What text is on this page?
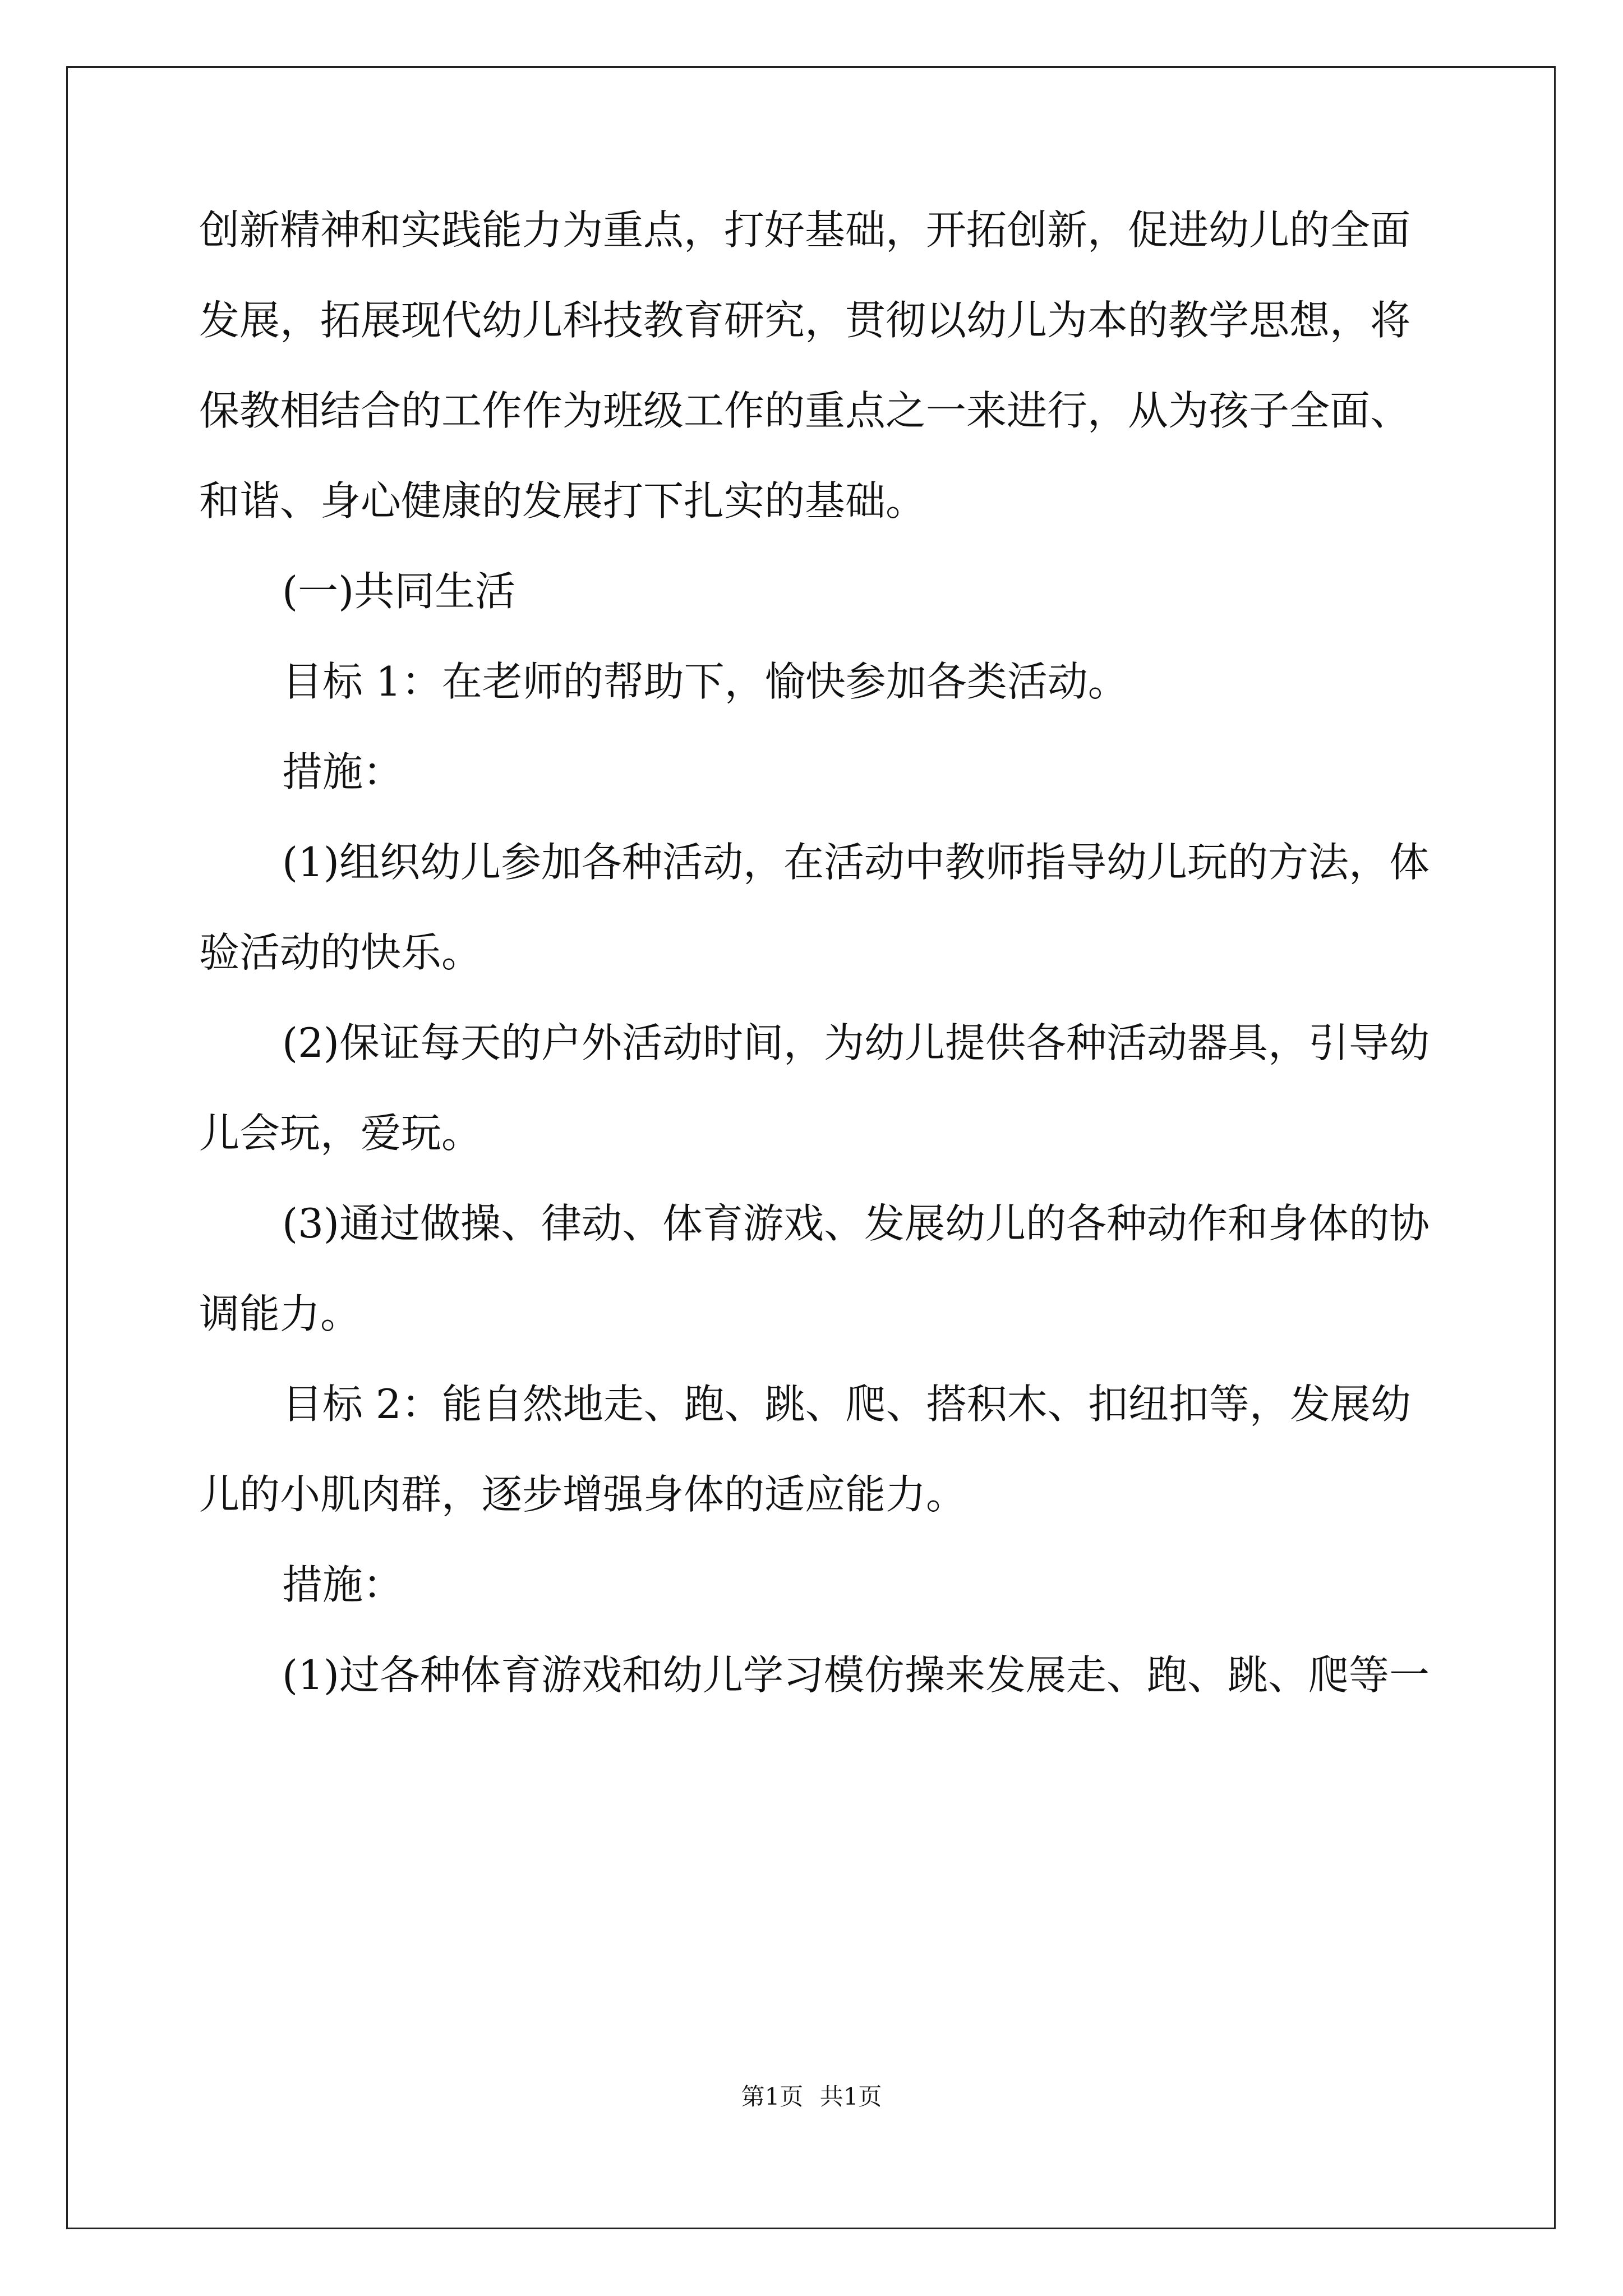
创新精神和实践能力为重点，打好基础，开拓创新，促进幼儿的全面
发展，拓展现代幼儿科技教育研究，贯彻以幼儿为本的教学思想，将
保教相结合的工作作为班级工作的重点之一来进行，从为孩子全面、
和谐、身心健康的发展打下扎实的基础。
(一)共同生活
目标 1：在老师的帮助下，愉快参加各类活动。
措施：
(1)组织幼儿参加各种活动，在活动中教师指导幼儿玩的方法，体
验活动的快乐。
(2)保证每天的户外活动时间，为幼儿提供各种活动器具，引导幼
儿会玩，爱玩。
(3)通过做操、律动、体育游戏、发展幼儿的各种动作和身体的协
调能力。
目标 2：能自然地走、跑、跳、爬、搭积木、扣纽扣等，发展幼
儿的小肌肉群，逐步增强身体的适应能力。
措施：
(1)过各种体育游戏和幼儿学习模仿操来发展走、跑、跳、爬等一
第1页 共1页
